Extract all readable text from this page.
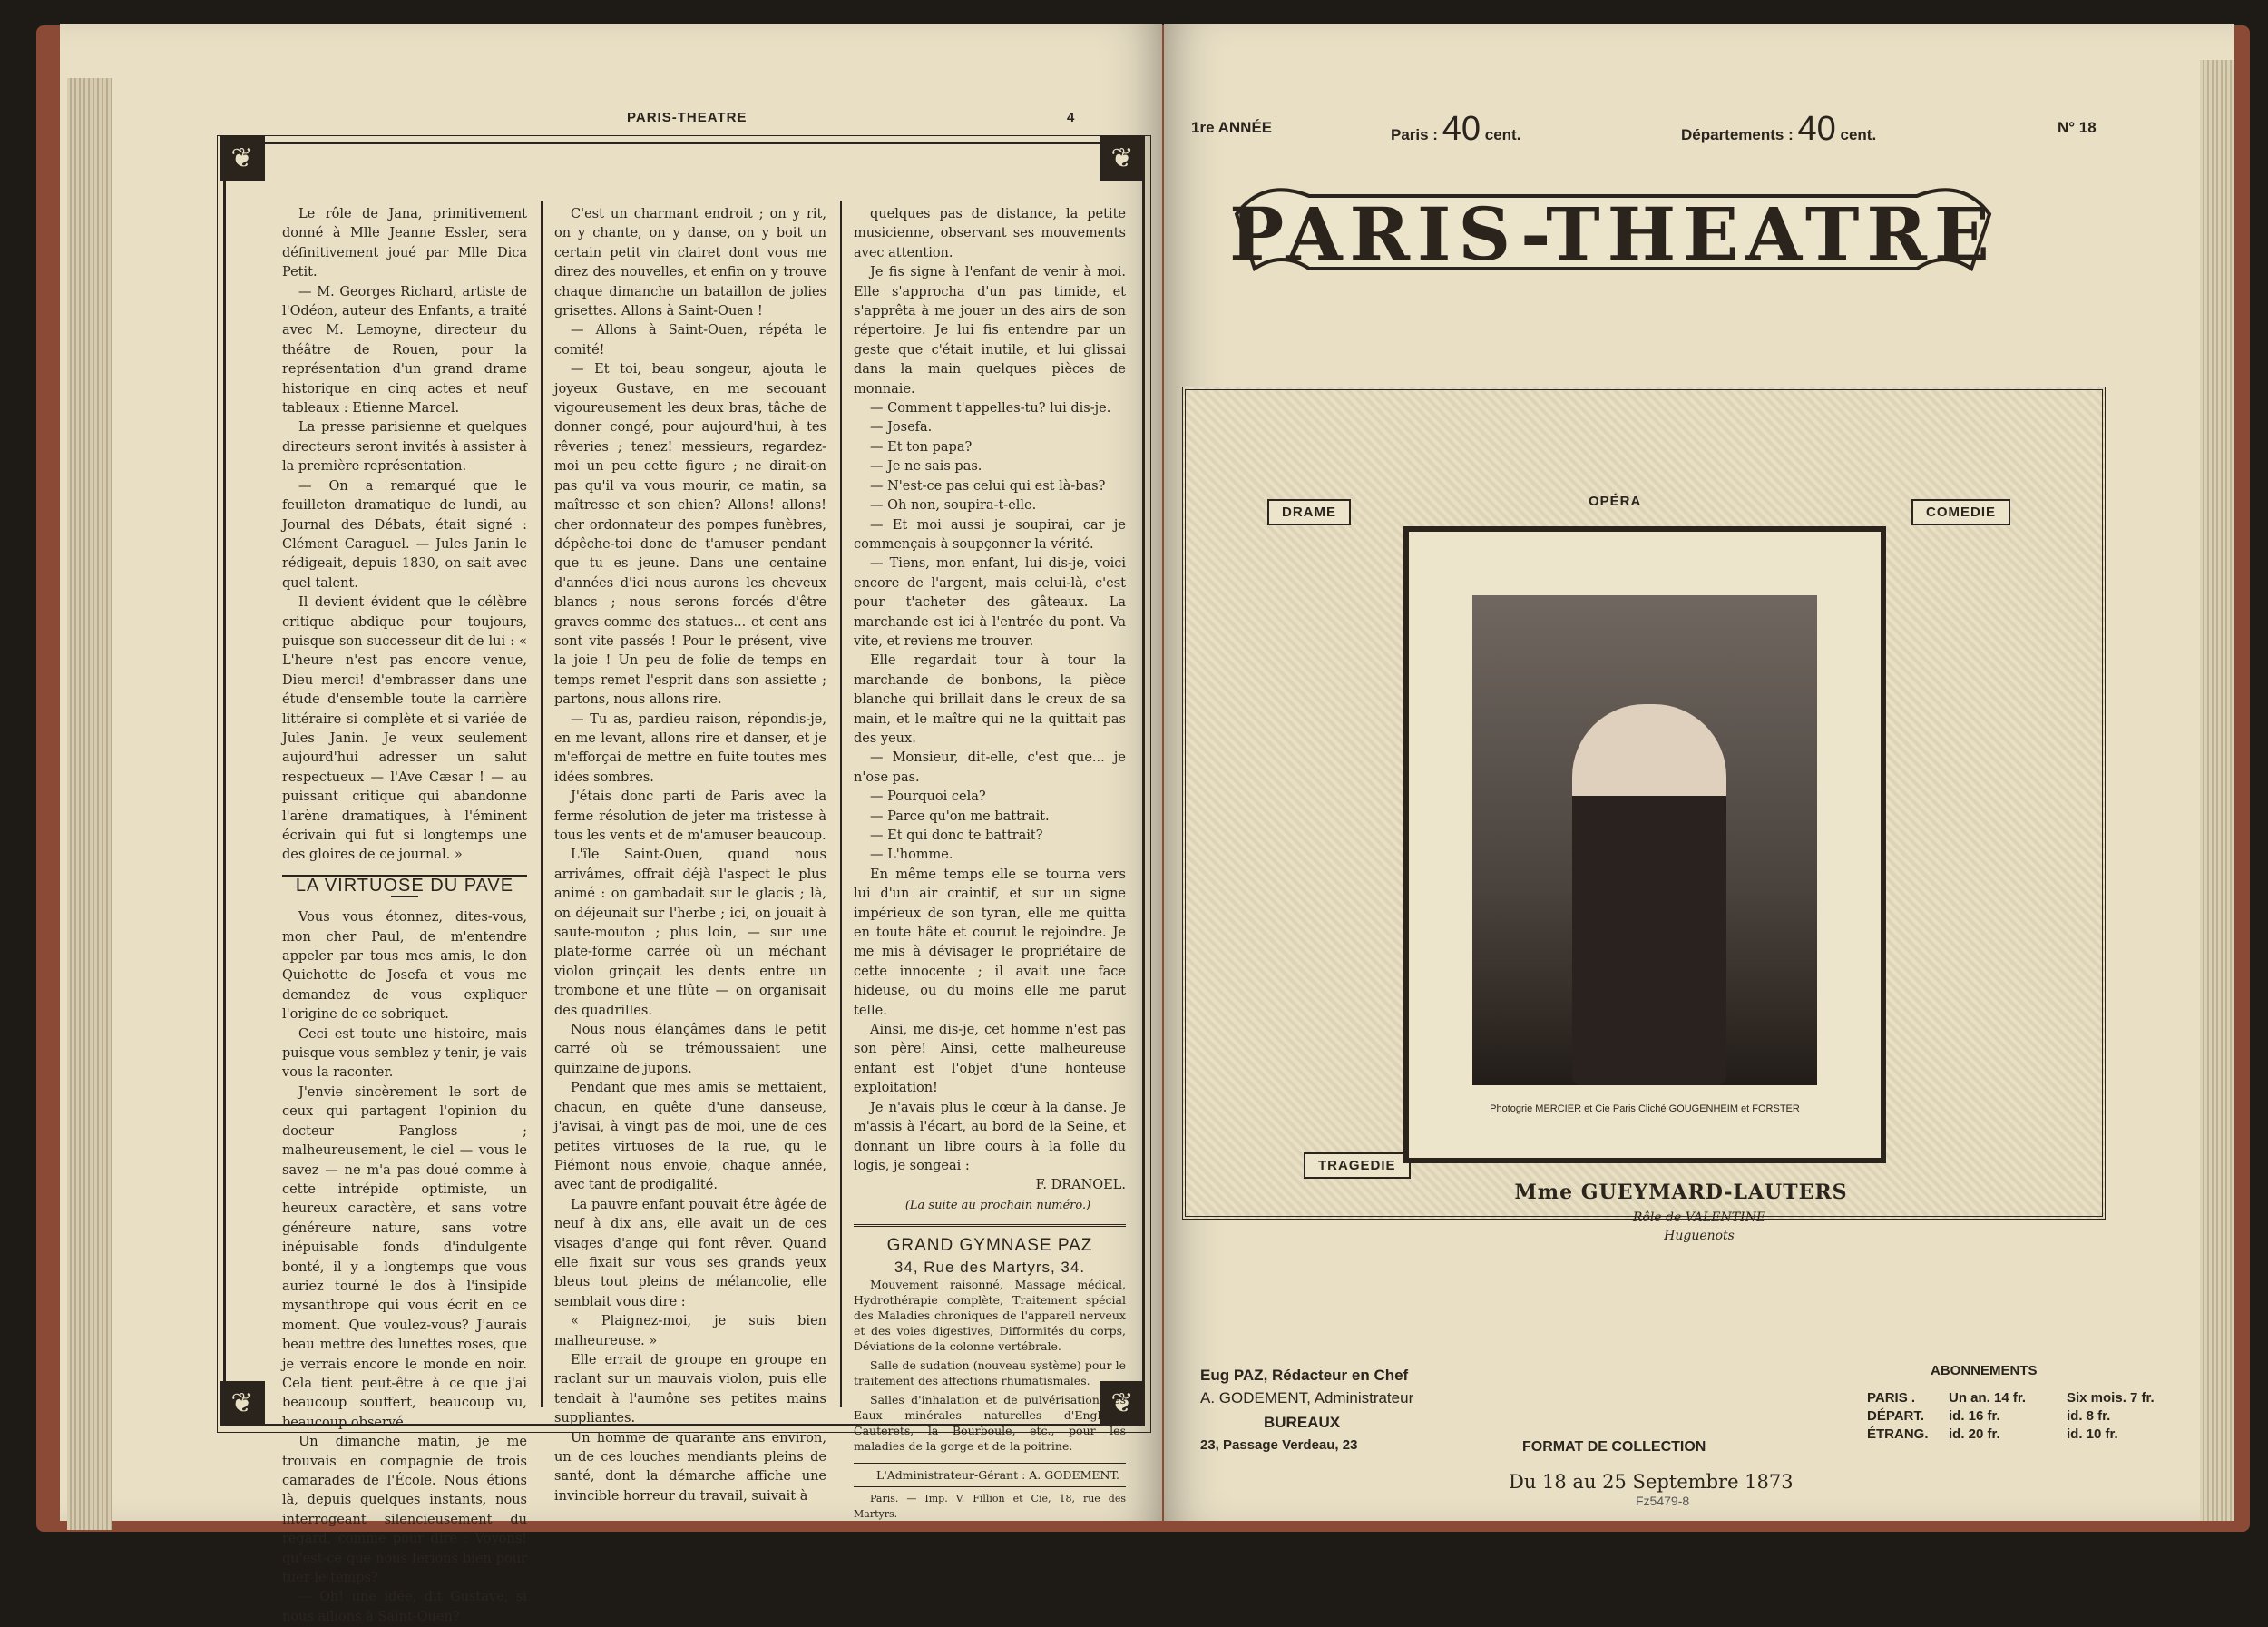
PARIS-THEATRE	4
❦	❦
❦	❦

Le rôle de Jana, primitivement donné à Mlle Jeanne Essler, sera définitivement joué par Mlle Dica Petit.

— M. Georges Richard, artiste de l'Odéon, auteur des Enfants, a traité avec M. Lemoyne, directeur du théâtre de Rouen, pour la représentation d'un grand drame historique en cinq actes et neuf tableaux : Etienne Marcel.

La presse parisienne et quelques directeurs seront invités à assister à la première représentation.

— On a remarqué que le feuilleton dramatique de lundi, au Journal des Débats, était signé : Clément Caraguel. — Jules Janin le rédigeait, depuis 1830, on sait avec quel talent.

Il devient évident que le célèbre critique abdique pour toujours, puisque son successeur dit de lui : « L'heure n'est pas encore venue, Dieu merci! d'embrasser dans une étude d'ensemble toute la carrière littéraire si complète et si variée de Jules Janin. Je veux seulement aujourd'hui adresser un salut respectueux — l'Ave Cæsar ! — au puissant critique qui abandonne l'arène dramatiques, à l'éminent écrivain qui fut si longtemps une des gloires de ce journal. »

LA VIRTUOSE DU PAVÉ

Vous vous étonnez, dites-vous, mon cher Paul, de m'entendre appeler par tous mes amis, le don Quichotte de Josefa et vous me demandez de vous expliquer l'origine de ce sobriquet.

Ceci est toute une histoire, mais puisque vous semblez y tenir, je vais vous la raconter.

J'envie sincèrement le sort de ceux qui partagent l'opinion du docteur Pangloss ; malheureusement, le ciel — vous le savez — ne m'a pas doué comme à cette intrépide optimiste, un heureux caractère, et sans votre généreure nature, sans votre inépuisable fonds d'indulgente bonté, il y a longtemps que vous auriez tourné le dos à l'insipide mysanthrope qui vous écrit en ce moment. Que voulez-vous? J'aurais beau mettre des lunettes roses, que je verrais encore le monde en noir. Cela tient peut-être à ce que j'ai beaucoup souffert, beaucoup vu, beaucoup observé.

Un dimanche matin, je me trouvais en compagnie de trois camarades de l'École. Nous étions là, depuis quelques instants, nous interrogeant silencieusement du regard, comme pour dire : Voyons! qu'est-ce que nous ferions bien pour tuer le temps?

— Oh! une idée, dit Gustave, si nous allions à Saint-Ouen?

C'est un charmant endroit ; on y rit, on y chante, on y danse, on y boit un certain petit vin clairet dont vous me direz des nouvelles, et enfin on y trouve chaque dimanche un bataillon de jolies grisettes. Allons à Saint-Ouen !

— Allons à Saint-Ouen, répéta le comité!

— Et toi, beau songeur, ajouta le joyeux Gustave, en me secouant vigoureusement les deux bras, tâche de donner congé, pour aujourd'hui, à tes rêveries ; tenez! messieurs, regardez-moi un peu cette figure ; ne dirait-on pas qu'il va vous mourir, ce matin, sa maîtresse et son chien? Allons! allons! cher ordonnateur des pompes funèbres, dépêche-toi donc de t'amuser pendant que tu es jeune. Dans une centaine d'années d'ici nous aurons les cheveux blancs ; nous serons forcés d'être graves comme des statues... et cent ans sont vite passés ! Pour le présent, vive la joie ! Un peu de folie de temps en temps remet l'esprit dans son assiette ; partons, nous allons rire.

— Tu as, pardieu raison, répondis-je, en me levant, allons rire et danser, et je m'efforçai de mettre en fuite toutes mes idées sombres.

J'étais donc parti de Paris avec la ferme résolution de jeter ma tristesse à tous les vents et de m'amuser beaucoup.

L'île Saint-Ouen, quand nous arrivâmes, offrait déjà l'aspect le plus animé : on gambadait sur le glacis ; là, on déjeunait sur l'herbe ; ici, on jouait à saute-mouton ; plus loin, — sur une plate-forme carrée où un méchant violon grinçait les dents entre un trombone et une flûte — on organisait des quadrilles.

Nous nous élançâmes dans le petit carré où se trémoussaient une quinzaine de jupons.

Pendant que mes amis se mettaient, chacun, en quête d'une danseuse, j'avisai, à vingt pas de moi, une de ces petites virtuoses de la rue, qu le Piémont nous envoie, chaque année, avec tant de prodigalité.

La pauvre enfant pouvait être âgée de neuf à dix ans, elle avait un de ces visages d'ange qui font rêver. Quand elle fixait sur vous ses grands yeux bleus tout pleins de mélancolie, elle semblait vous dire :

« Plaignez-moi, je suis bien malheureuse. »

Elle errait de groupe en groupe en raclant sur un mauvais violon, puis elle tendait à l'aumône ses petites mains suppliantes.

Un homme de quarante ans environ, un de ces louches mendiants pleins de santé, dont la démarche affiche une invincible horreur du travail, suivait à

quelques pas de distance, la petite musicienne, observant ses mouvements avec attention.

Je fis signe à l'enfant de venir à moi. Elle s'approcha d'un pas timide, et s'apprêta à me jouer un des airs de son répertoire. Je lui fis entendre par un geste que c'était inutile, et lui glissai dans la main quelques pièces de monnaie.

— Comment t'appelles-tu? lui dis-je.

— Josefa.

— Et ton papa?

— Je ne sais pas.

— N'est-ce pas celui qui est là-bas?

— Oh non, soupira-t-elle.

— Et moi aussi je soupirai, car je commençais à soupçonner la vérité.

— Tiens, mon enfant, lui dis-je, voici encore de l'argent, mais celui-là, c'est pour t'acheter des gâteaux. La marchande est ici à l'entrée du pont. Va vite, et reviens me trouver.

Elle regardait tour à tour la marchande de bonbons, la pièce blanche qui brillait dans le creux de sa main, et le maître qui ne la quittait pas des yeux.

— Monsieur, dit-elle, c'est que... je n'ose pas.

— Pourquoi cela?

— Parce qu'on me battrait.

— Et qui donc te battrait?

— L'homme.

En même temps elle se tourna vers lui d'un air craintif, et sur un signe impérieux de son tyran, elle me quitta en toute hâte et courut le rejoindre. Je me mis à dévisager le propriétaire de cette innocente ; il avait une face hideuse, ou du moins elle me parut telle.

Ainsi, me dis-je, cet homme n'est pas son père! Ainsi, cette malheureuse enfant est l'objet d'une honteuse exploitation!

Je n'avais plus le cœur à la danse. Je m'assis à l'écart, au bord de la Seine, et donnant un libre cours à la folle du logis, je songeai :

F. DRANOEL.

(La suite au prochain numéro.)

GRAND GYMNASE PAZ

34, Rue des Martyrs, 34.

Mouvement raisonné, Massage médical, Hydrothérapie complète, Traitement spécial des Maladies chroniques de l'appareil nerveux et des voies digestives, Difformités du corps, Déviations de la colonne vertébrale.

Salle de sudation (nouveau système) pour le traitement des affections rhumatismales.

Salles d'inhalation et de pulvérisation des Eaux minérales naturelles d'Enghien, Cauterets, la Bourboule, etc., pour les maladies de la gorge et de la poitrine.

L'Administrateur-Gérant : A. GODEMENT.

Paris. — Imp. V. Fillion et Cie, 18, rue des Martyrs.

1re ANNÉE	Paris : 40 cent.	Départements : 40 cent.	N° 18
PARIS-THEATRE
DRAME
OPÉRA
COMEDIE
TRAGEDIE
Photogrie MERCIER et Cie Paris Cliché GOUGENHEIM et FORSTER
Mme GUEYMARD-LAUTERS
Rôle de VALENTINE
Huguenots
Eug PAZ, Rédacteur en Chef
A. GODEMENT, Administrateur
BUREAUX
23, Passage Verdeau, 23	FORMAT DE COLLECTION
Du 18 au 25 Septembre 1873
ABONNEMENTS
PARIS . Un an. 14 fr.	Six mois. 7 fr.
DÉPART. id. 16 fr.	id. 8 fr.
ÉTRANG. id. 20 fr.	id. 10 fr.
Fz5479-8
